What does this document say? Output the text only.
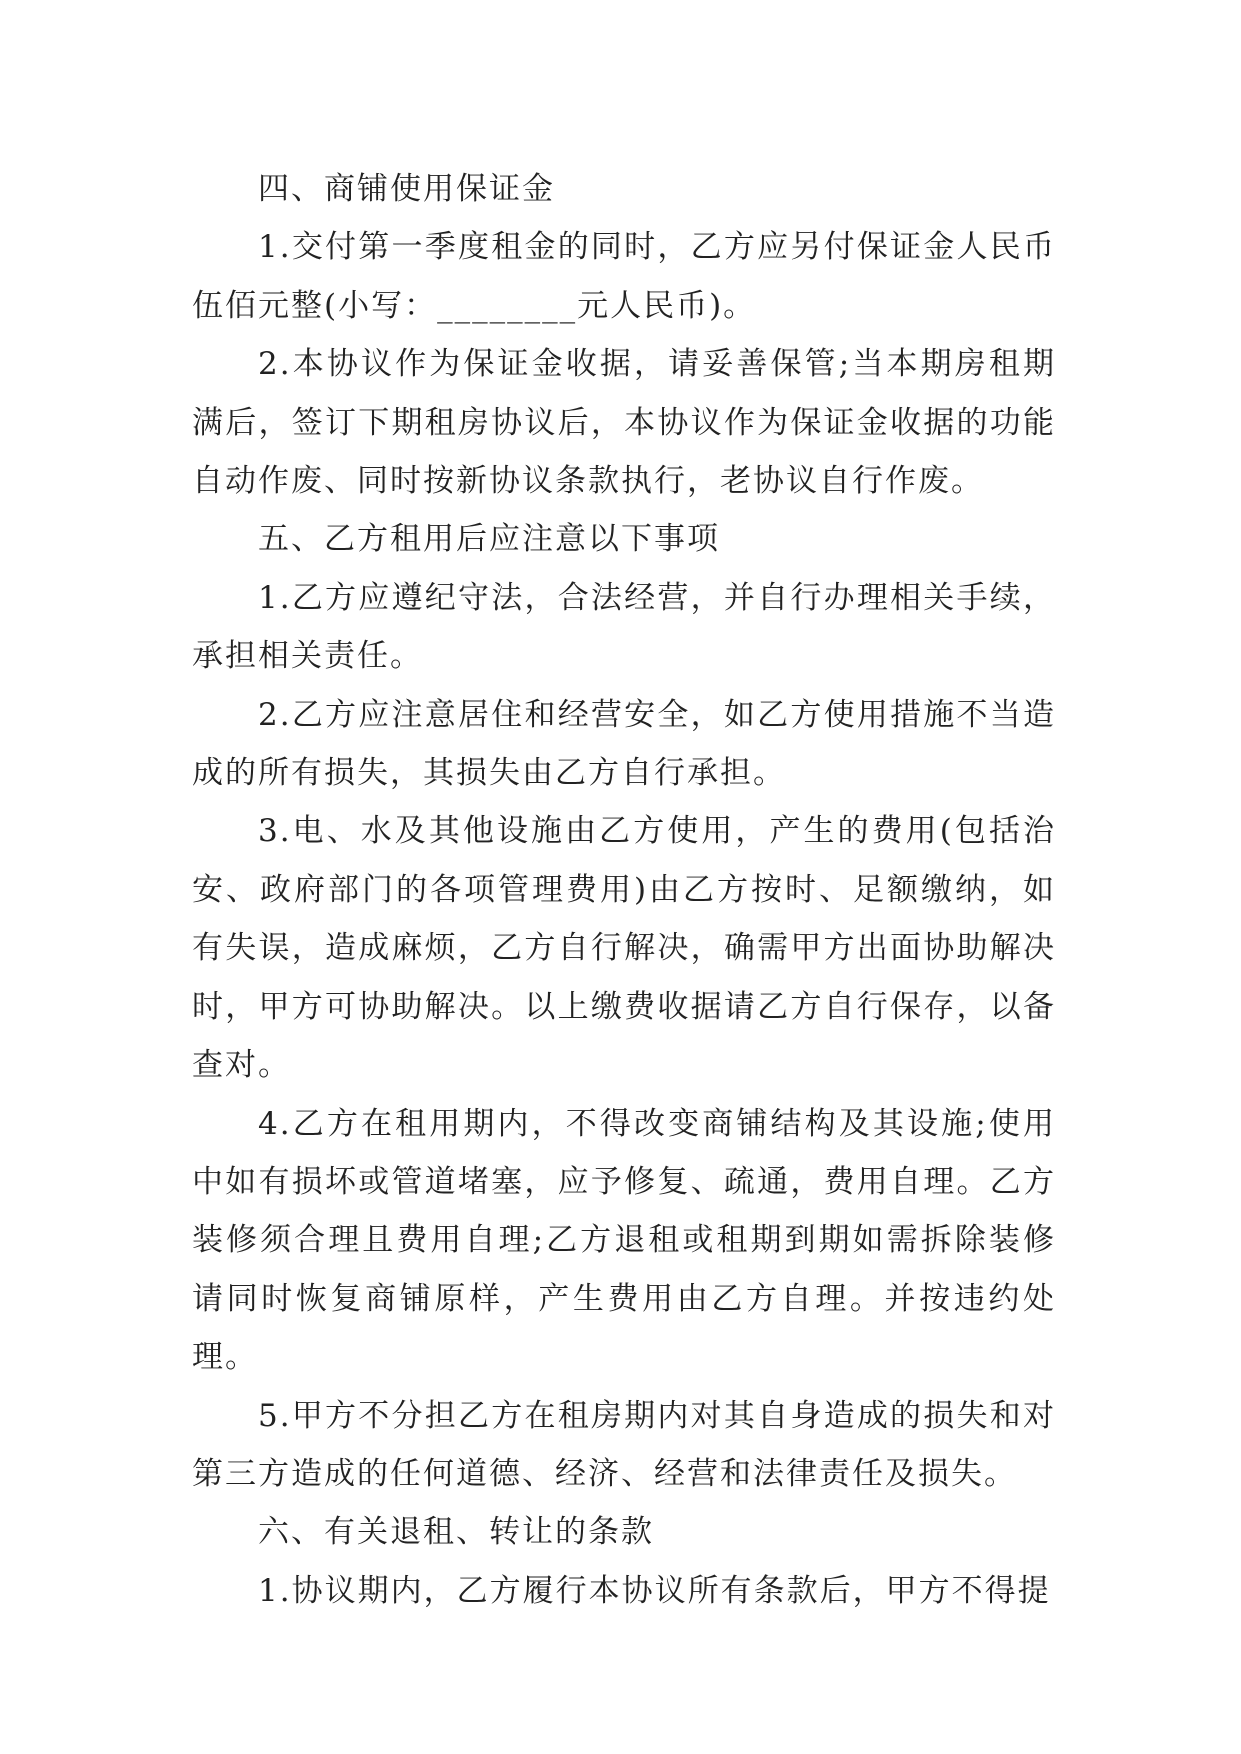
四、商铺使用保证金

1.交付第一季度租金的同时，乙方应另付保证金人民币伍佰元整(小写：________元人民币)。

2.本协议作为保证金收据，请妥善保管;当本期房租期满后，签订下期租房协议后，本协议作为保证金收据的功能自动作废、同时按新协议条款执行，老协议自行作废。

五、乙方租用后应注意以下事项

1.乙方应遵纪守法，合法经营，并自行办理相关手续，承担相关责任。

2.乙方应注意居住和经营安全，如乙方使用措施不当造成的所有损失，其损失由乙方自行承担。

3.电、水及其他设施由乙方使用，产生的费用(包括治安、政府部门的各项管理费用)由乙方按时、足额缴纳，如有失误，造成麻烦，乙方自行解决，确需甲方出面协助解决时，甲方可协助解决。以上缴费收据请乙方自行保存，以备查对。

4.乙方在租用期内，不得改变商铺结构及其设施;使用中如有损坏或管道堵塞，应予修复、疏通，费用自理。乙方装修须合理且费用自理;乙方退租或租期到期如需拆除装修请同时恢复商铺原样，产生费用由乙方自理。并按违约处理。

5.甲方不分担乙方在租房期内对其自身造成的损失和对第三方造成的任何道德、经济、经营和法律责任及损失。

六、有关退租、转让的条款

1.协议期内，乙方履行本协议所有条款后，甲方不得提
